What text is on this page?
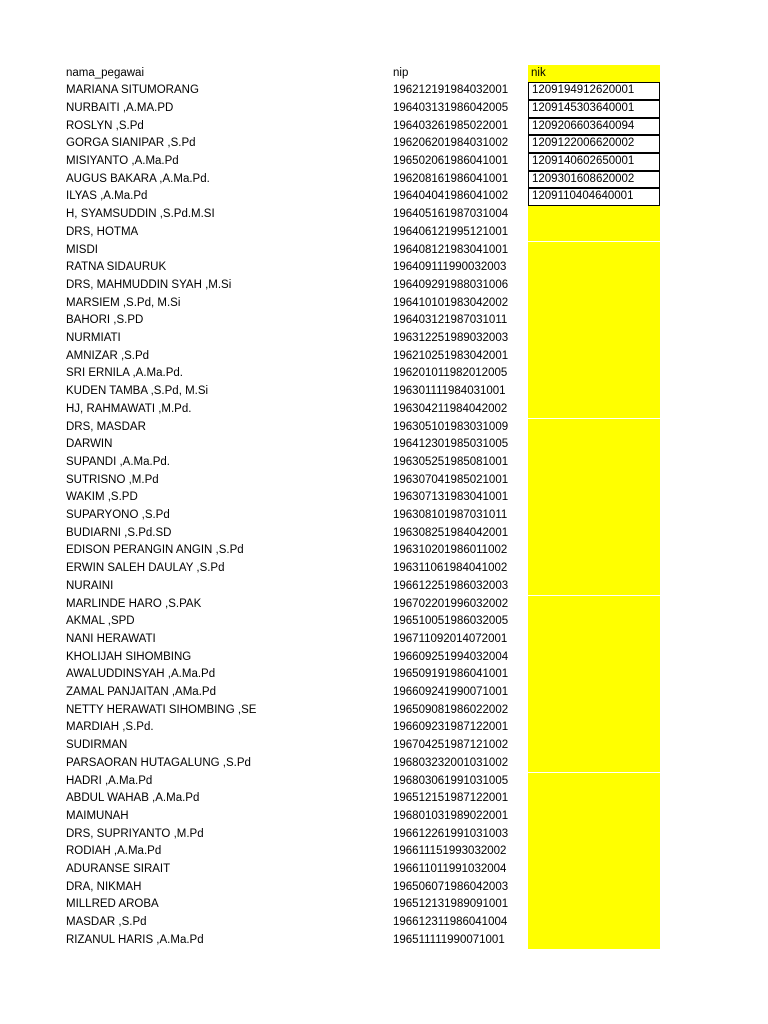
nama_pegawai	nip	nik
MARIANA SITUMORANG	196212191984032001	1209194912620001
NURBAITI ,A.MA.PD	196403131986042005	1209145303640001
ROSLYN ,S.Pd	196403261985022001	1209206603640094
GORGA SIANIPAR ,S.Pd	196206201984031002	1209122006620002
MISIYANTO ,A.Ma.Pd	196502061986041001	1209140602650001
AUGUS BAKARA ,A.Ma.Pd.	196208161986041001	1209301608620002
ILYAS ,A.Ma.Pd	196404041986041002	1209110404640001
H, SYAMSUDDIN ,S.Pd.M.SI	196405161987031004
DRS, HOTMA	196406121995121001
MISDI	196408121983041001
RATNA SIDAURUK	196409111990032003
DRS, MAHMUDDIN SYAH ,M.Si	196409291988031006
MARSIEM ,S.Pd, M.Si	196410101983042002
BAHORI ,S.PD	196403121987031011
NURMIATI	196312251989032003
AMNIZAR ,S.Pd	196210251983042001
SRI ERNILA ,A.Ma.Pd.	196201011982012005
KUDEN TAMBA ,S.Pd, M.Si	196301111984031001
HJ, RAHMAWATI ,M.Pd.	196304211984042002
DRS, MASDAR	196305101983031009
DARWIN	196412301985031005
SUPANDI ,A.Ma.Pd.	196305251985081001
SUTRISNO ,M.Pd	196307041985021001
WAKIM ,S.PD	196307131983041001
SUPARYONO ,S.Pd	196308101987031011
BUDIARNI ,S.Pd.SD	196308251984042001
EDISON PERANGIN ANGIN ,S.Pd	196310201986011002
ERWIN SALEH DAULAY ,S.Pd	196311061984041002
NURAINI	196612251986032003
MARLINDE HARO ,S.PAK	196702201996032002
AKMAL ,SPD	196510051986032005
NANI HERAWATI	196711092014072001
KHOLIJAH SIHOMBING	196609251994032004
AWALUDDINSYAH ,A.Ma.Pd	196509191986041001
ZAMAL PANJAITAN ,AMa.Pd	196609241990071001
NETTY HERAWATI SIHOMBING ,SE	196509081986022002
MARDIAH ,S.Pd.	196609231987122001
SUDIRMAN	196704251987121002
PARSAORAN HUTAGALUNG ,S.Pd	196803232001031002
HADRI ,A.Ma.Pd	196803061991031005
ABDUL WAHAB ,A.Ma.Pd	196512151987122001
MAIMUNAH	196801031989022001
DRS, SUPRIYANTO ,M.Pd	196612261991031003
RODIAH ,A.Ma.Pd	196611151993032002
ADURANSE SIRAIT	196611011991032004
DRA, NIKMAH	196506071986042003
MILLRED AROBA	196512131989091001
MASDAR ,S.Pd	196612311986041004
RIZANUL HARIS ,A.Ma.Pd	196511111990071001
